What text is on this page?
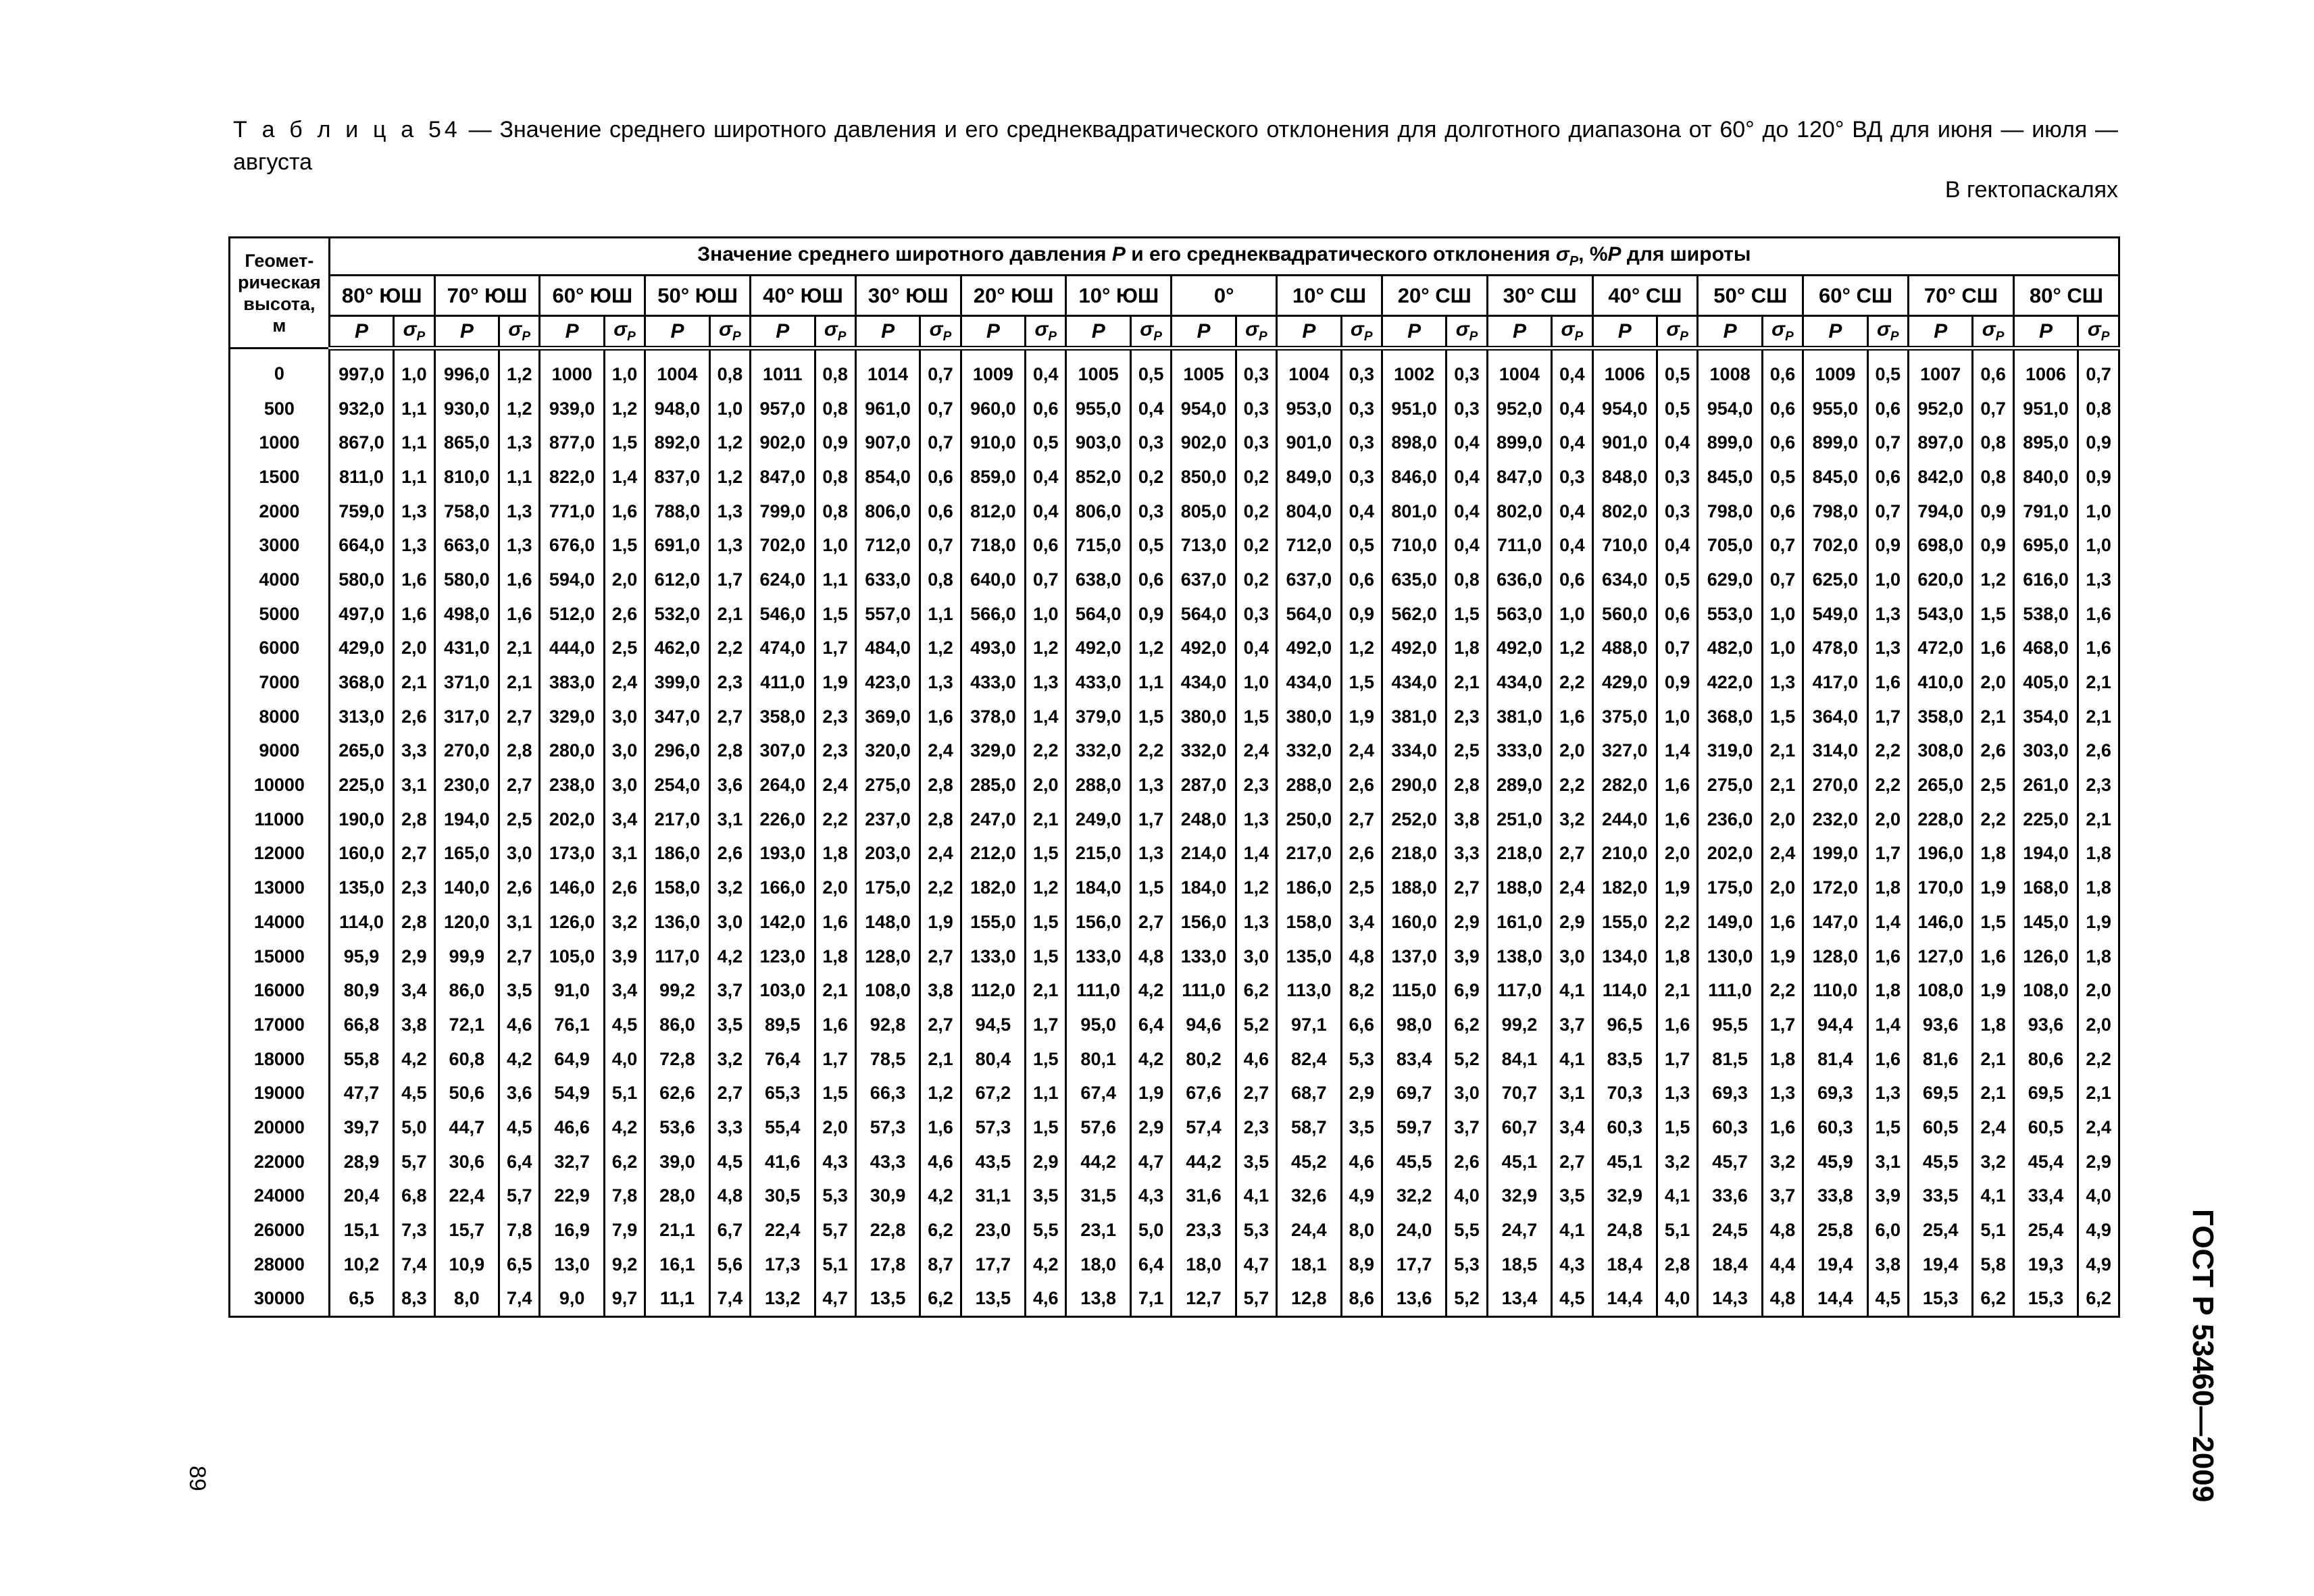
Т а б л и ц а 54 — Значение среднего широтного давления и его среднеквадратического отклонения для долготного диапазона от 60° до 120° ВД для июня — июля — августа
В гектопаскалях
Геомет-
рическая
высота,
м	Значение среднего широтного давления P и его среднеквадратического отклонения $\sigma_P$, %P для широты																																	
	80° ЮШ		70° ЮШ		60° ЮШ		50° ЮШ		40° ЮШ		30° ЮШ		20° ЮШ		10° ЮШ		0°		10° СШ		20° СШ		30° СШ		40° СШ		50° СШ		60° СШ		70° СШ		80° СШ	
	P	$\sigma_P$	P	$\sigma_P$	P	$\sigma_P$	P	$\sigma_P$	P	$\sigma_P$	P	$\sigma_P$	P	$\sigma_P$	P	$\sigma_P$	P	$\sigma_P$	P	$\sigma_P$	P	$\sigma_P$	P	$\sigma_P$	P	$\sigma_P$	P	$\sigma_P$	P	$\sigma_P$	P	$\sigma_P$	P	$\sigma_P$
0	997,0	1,0	996,0	1,2	1000	1,0	1004	0,8	1011	0,8	1014	0,7	1009	0,4	1005	0,5	1005	0,3	1004	0,3	1002	0,3	1004	0,4	1006	0,5	1008	0,6	1009	0,5	1007	0,6	1006	0,7
500	932,0	1,1	930,0	1,2	939,0	1,2	948,0	1,0	957,0	0,8	961,0	0,7	960,0	0,6	955,0	0,4	954,0	0,3	953,0	0,3	951,0	0,3	952,0	0,4	954,0	0,5	954,0	0,6	955,0	0,6	952,0	0,7	951,0	0,8
1000	867,0	1,1	865,0	1,3	877,0	1,5	892,0	1,2	902,0	0,9	907,0	0,7	910,0	0,5	903,0	0,3	902,0	0,3	901,0	0,3	898,0	0,4	899,0	0,4	901,0	0,4	899,0	0,6	899,0	0,7	897,0	0,8	895,0	0,9
1500	811,0	1,1	810,0	1,1	822,0	1,4	837,0	1,2	847,0	0,8	854,0	0,6	859,0	0,4	852,0	0,2	850,0	0,2	849,0	0,3	846,0	0,4	847,0	0,3	848,0	0,3	845,0	0,5	845,0	0,6	842,0	0,8	840,0	0,9
2000	759,0	1,3	758,0	1,3	771,0	1,6	788,0	1,3	799,0	0,8	806,0	0,6	812,0	0,4	806,0	0,3	805,0	0,2	804,0	0,4	801,0	0,4	802,0	0,4	802,0	0,3	798,0	0,6	798,0	0,7	794,0	0,9	791,0	1,0
3000	664,0	1,3	663,0	1,3	676,0	1,5	691,0	1,3	702,0	1,0	712,0	0,7	718,0	0,6	715,0	0,5	713,0	0,2	712,0	0,5	710,0	0,4	711,0	0,4	710,0	0,4	705,0	0,7	702,0	0,9	698,0	0,9	695,0	1,0
4000	580,0	1,6	580,0	1,6	594,0	2,0	612,0	1,7	624,0	1,1	633,0	0,8	640,0	0,7	638,0	0,6	637,0	0,2	637,0	0,6	635,0	0,8	636,0	0,6	634,0	0,5	629,0	0,7	625,0	1,0	620,0	1,2	616,0	1,3
5000	497,0	1,6	498,0	1,6	512,0	2,6	532,0	2,1	546,0	1,5	557,0	1,1	566,0	1,0	564,0	0,9	564,0	0,3	564,0	0,9	562,0	1,5	563,0	1,0	560,0	0,6	553,0	1,0	549,0	1,3	543,0	1,5	538,0	1,6
6000	429,0	2,0	431,0	2,1	444,0	2,5	462,0	2,2	474,0	1,7	484,0	1,2	493,0	1,2	492,0	1,2	492,0	0,4	492,0	1,2	492,0	1,8	492,0	1,2	488,0	0,7	482,0	1,0	478,0	1,3	472,0	1,6	468,0	1,6
7000	368,0	2,1	371,0	2,1	383,0	2,4	399,0	2,3	411,0	1,9	423,0	1,3	433,0	1,3	433,0	1,1	434,0	1,0	434,0	1,5	434,0	2,1	434,0	2,2	429,0	0,9	422,0	1,3	417,0	1,6	410,0	2,0	405,0	2,1
8000	313,0	2,6	317,0	2,7	329,0	3,0	347,0	2,7	358,0	2,3	369,0	1,6	378,0	1,4	379,0	1,5	380,0	1,5	380,0	1,9	381,0	2,3	381,0	1,6	375,0	1,0	368,0	1,5	364,0	1,7	358,0	2,1	354,0	2,1
9000	265,0	3,3	270,0	2,8	280,0	3,0	296,0	2,8	307,0	2,3	320,0	2,4	329,0	2,2	332,0	2,2	332,0	2,4	332,0	2,4	334,0	2,5	333,0	2,0	327,0	1,4	319,0	2,1	314,0	2,2	308,0	2,6	303,0	2,6
10000	225,0	3,1	230,0	2,7	238,0	3,0	254,0	3,6	264,0	2,4	275,0	2,8	285,0	2,0	288,0	1,3	287,0	2,3	288,0	2,6	290,0	2,8	289,0	2,2	282,0	1,6	275,0	2,1	270,0	2,2	265,0	2,5	261,0	2,3
11000	190,0	2,8	194,0	2,5	202,0	3,4	217,0	3,1	226,0	2,2	237,0	2,8	247,0	2,1	249,0	1,7	248,0	1,3	250,0	2,7	252,0	3,8	251,0	3,2	244,0	1,6	236,0	2,0	232,0	2,0	228,0	2,2	225,0	2,1
12000	160,0	2,7	165,0	3,0	173,0	3,1	186,0	2,6	193,0	1,8	203,0	2,4	212,0	1,5	215,0	1,3	214,0	1,4	217,0	2,6	218,0	3,3	218,0	2,7	210,0	2,0	202,0	2,4	199,0	1,7	196,0	1,8	194,0	1,8
13000	135,0	2,3	140,0	2,6	146,0	2,6	158,0	3,2	166,0	2,0	175,0	2,2	182,0	1,2	184,0	1,5	184,0	1,2	186,0	2,5	188,0	2,7	188,0	2,4	182,0	1,9	175,0	2,0	172,0	1,8	170,0	1,9	168,0	1,8
14000	114,0	2,8	120,0	3,1	126,0	3,2	136,0	3,0	142,0	1,6	148,0	1,9	155,0	1,5	156,0	2,7	156,0	1,3	158,0	3,4	160,0	2,9	161,0	2,9	155,0	2,2	149,0	1,6	147,0	1,4	146,0	1,5	145,0	1,9
15000	95,9	2,9	99,9	2,7	105,0	3,9	117,0	4,2	123,0	1,8	128,0	2,7	133,0	1,5	133,0	4,8	133,0	3,0	135,0	4,8	137,0	3,9	138,0	3,0	134,0	1,8	130,0	1,9	128,0	1,6	127,0	1,6	126,0	1,8
16000	80,9	3,4	86,0	3,5	91,0	3,4	99,2	3,7	103,0	2,1	108,0	3,8	112,0	2,1	111,0	4,2	111,0	6,2	113,0	8,2	115,0	6,9	117,0	4,1	114,0	2,1	111,0	2,2	110,0	1,8	108,0	1,9	108,0	2,0
17000	66,8	3,8	72,1	4,6	76,1	4,5	86,0	3,5	89,5	1,6	92,8	2,7	94,5	1,7	95,0	6,4	94,6	5,2	97,1	6,6	98,0	6,2	99,2	3,7	96,5	1,6	95,5	1,7	94,4	1,4	93,6	1,8	93,6	2,0
18000	55,8	4,2	60,8	4,2	64,9	4,0	72,8	3,2	76,4	1,7	78,5	2,1	80,4	1,5	80,1	4,2	80,2	4,6	82,4	5,3	83,4	5,2	84,1	4,1	83,5	1,7	81,5	1,8	81,4	1,6	81,6	2,1	80,6	2,2
19000	47,7	4,5	50,6	3,6	54,9	5,1	62,6	2,7	65,3	1,5	66,3	1,2	67,2	1,1	67,4	1,9	67,6	2,7	68,7	2,9	69,7	3,0	70,7	3,1	70,3	1,3	69,3	1,3	69,3	1,3	69,5	2,1	69,5	2,1
20000	39,7	5,0	44,7	4,5	46,6	4,2	53,6	3,3	55,4	2,0	57,3	1,6	57,3	1,5	57,6	2,9	57,4	2,3	58,7	3,5	59,7	3,7	60,7	3,4	60,3	1,5	60,3	1,6	60,3	1,5	60,5	2,4	60,5	2,4
22000	28,9	5,7	30,6	6,4	32,7	6,2	39,0	4,5	41,6	4,3	43,3	4,6	43,5	2,9	44,2	4,7	44,2	3,5	45,2	4,6	45,5	2,6	45,1	2,7	45,1	3,2	45,7	3,2	45,9	3,1	45,5	3,2	45,4	2,9
24000	20,4	6,8	22,4	5,7	22,9	7,8	28,0	4,8	30,5	5,3	30,9	4,2	31,1	3,5	31,5	4,3	31,6	4,1	32,6	4,9	32,2	4,0	32,9	3,5	32,9	4,1	33,6	3,7	33,8	3,9	33,5	4,1	33,4	4,0
26000	15,1	7,3	15,7	7,8	16,9	7,9	21,1	6,7	22,4	5,7	22,8	6,2	23,0	5,5	23,1	5,0	23,3	5,3	24,4	8,0	24,0	5,5	24,7	4,1	24,8	5,1	24,5	4,8	25,8	6,0	25,4	5,1	25,4	4,9
28000	10,2	7,4	10,9	6,5	13,0	9,2	16,1	5,6	17,3	5,1	17,8	8,7	17,7	4,2	18,0	6,4	18,0	4,7	18,1	8,9	17,7	5,3	18,5	4,3	18,4	2,8	18,4	4,4	19,4	3,8	19,4	5,8	19,3	4,9
30000	6,5	8,3	8,0	7,4	9,0	9,7	11,1	7,4	13,2	4,7	13,5	6,2	13,5	4,6	13,8	7,1	12,7	5,7	12,8	8,6	13,6	5,2	13,4	4,5	14,4	4,0	14,3	4,8	14,4	4,5	15,3	6,2	15,3	6,2	ГОСТ Р 53460—2009
89
